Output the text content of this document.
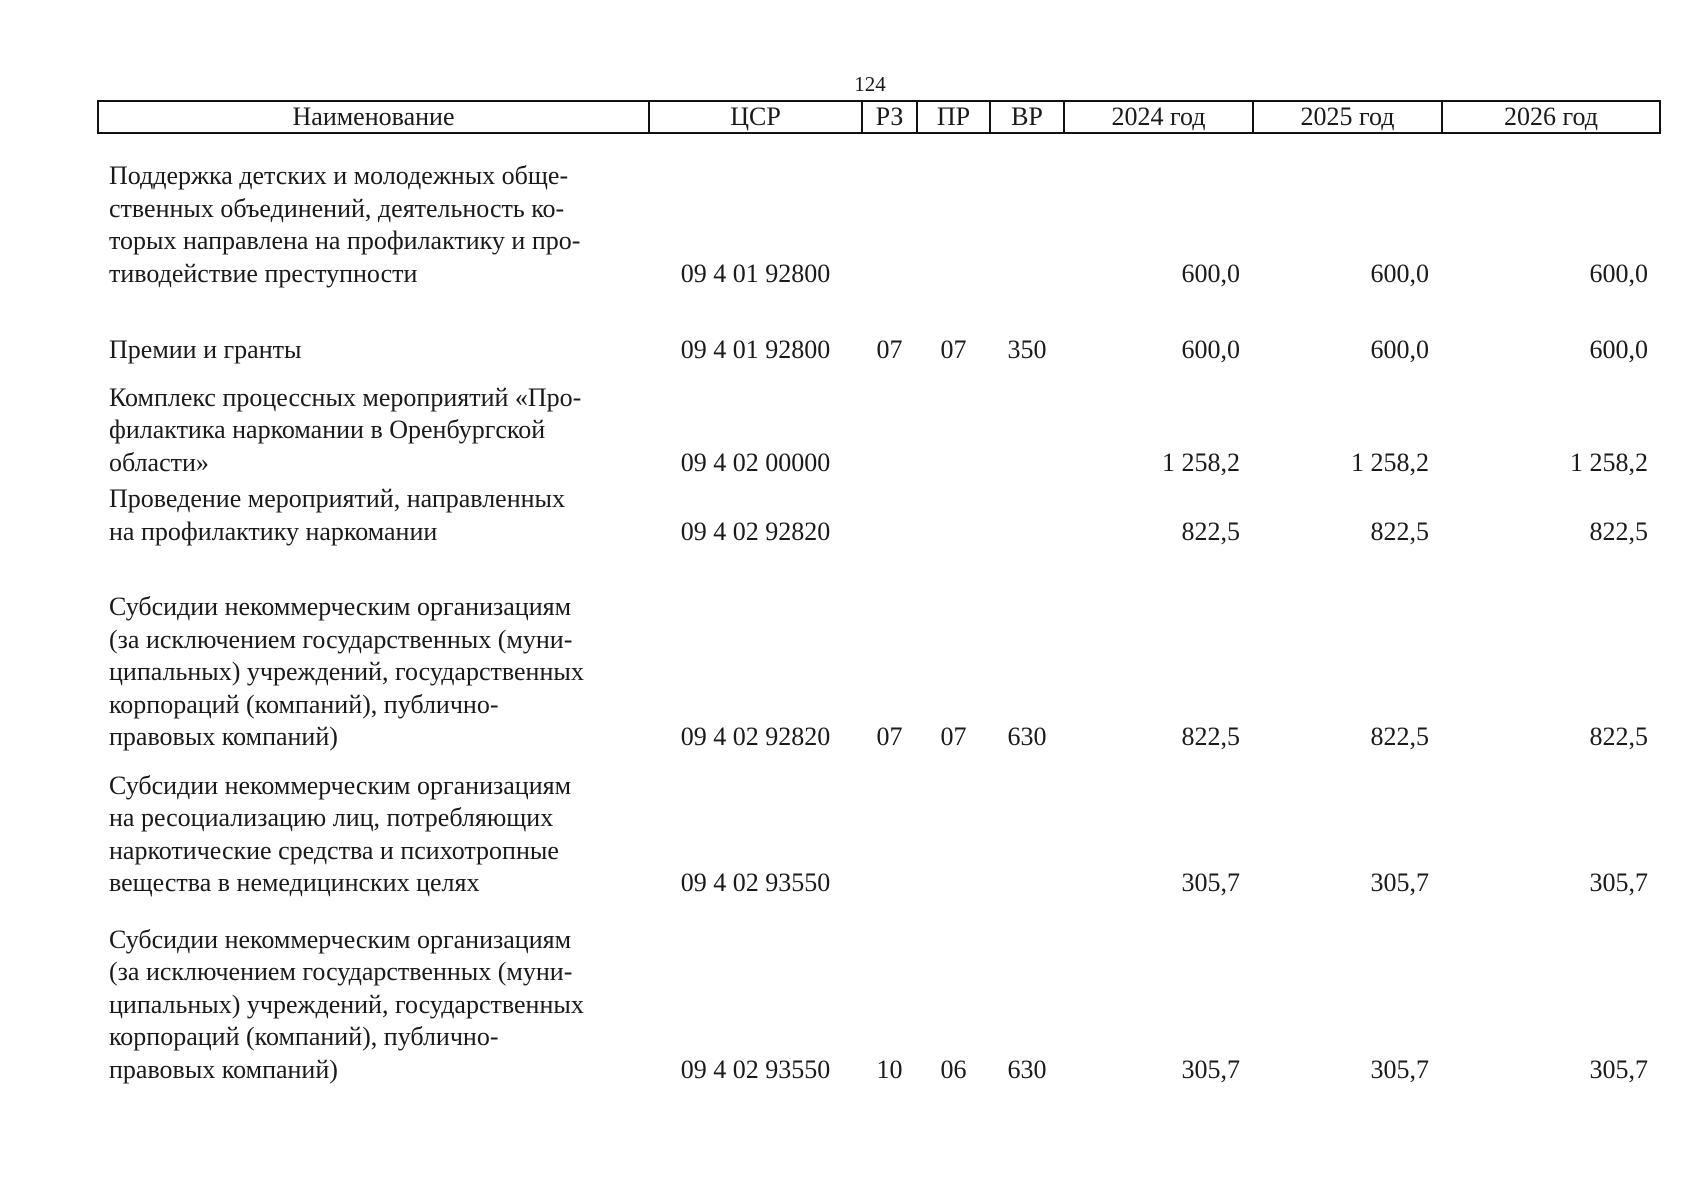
124
Наименование	ЦСР	РЗ	ПР	ВР	2024 год	2025 год	2026 год

Поддержка детских и молодежных обще-
ственных объединений, деятельность ко-
торых направлена на профилактику и про-
тиводействие преступности	09 4 01 92800				600,0	600,0	600,0

Премии и гранты	09 4 01 92800	07	07	350	600,0	600,0	600,0

Комплекс процессных мероприятий «Про-
филактика наркомании в Оренбургской
области»	09 4 02 00000				1 258,2	1 258,2	1 258,2

Проведение мероприятий, направленных
на профилактику наркомании	09 4 02 92820				822,5	822,5	822,5

Субсидии некоммерческим организациям
(за исключением государственных (муни-
ципальных) учреждений, государственных
корпораций (компаний), публично-
правовых компаний)	09 4 02 92820	07	07	630	822,5	822,5	822,5

Субсидии некоммерческим организациям
на ресоциализацию лиц, потребляющих
наркотические средства и психотропные
вещества в немедицинских целях	09 4 02 93550				305,7	305,7	305,7

Субсидии некоммерческим организациям
(за исключением государственных (муни-
ципальных) учреждений, государственных
корпораций (компаний), публично-
правовых компаний)	09 4 02 93550	10	06	630	305,7	305,7	305,7
